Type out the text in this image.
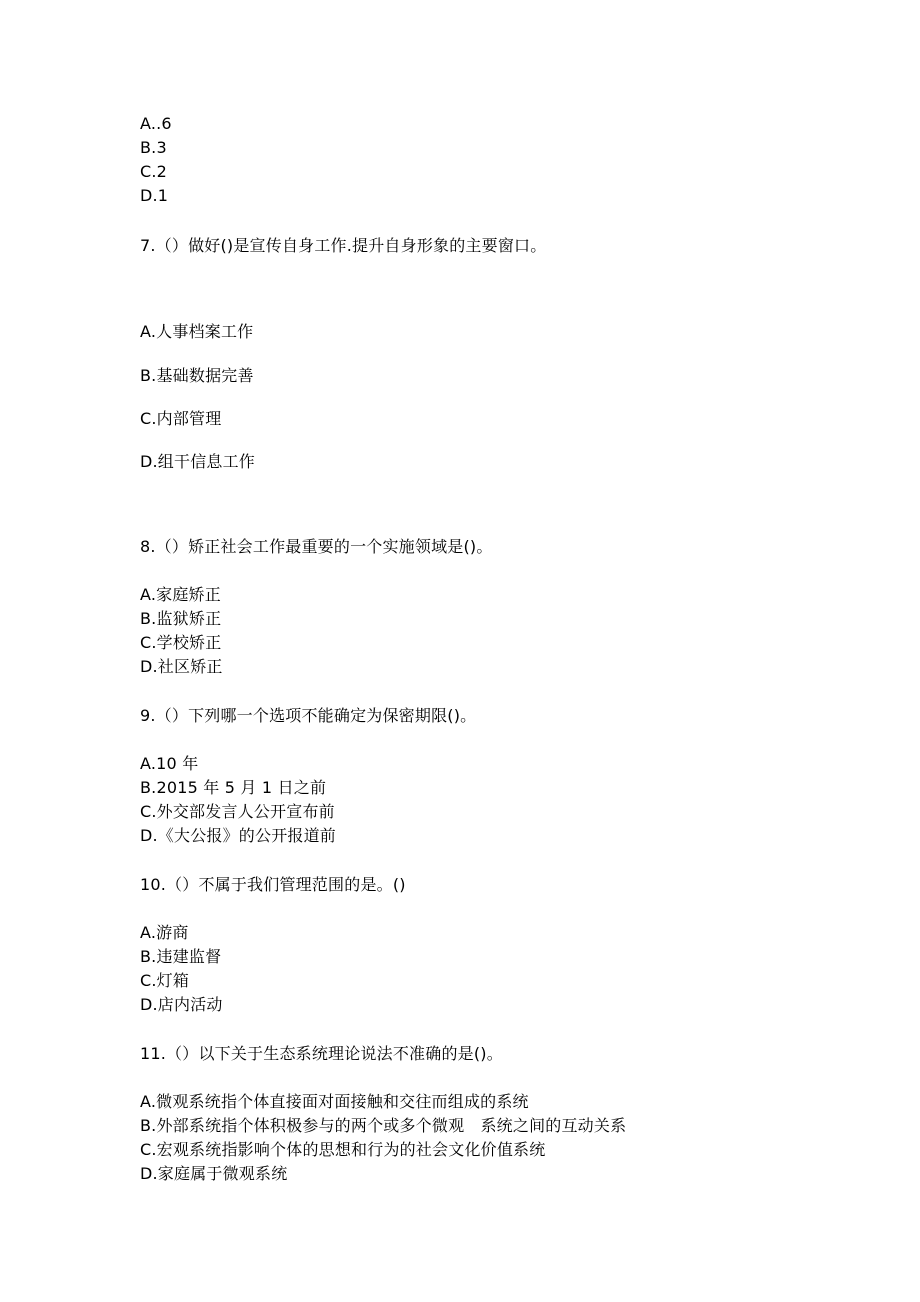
A..6

B.3

C.2

D.1

7.（）做好()是宣传自身工作.提升自身形象的主要窗口。

A.人事档案工作

B.基础数据完善

C.内部管理

D.组干信息工作

8.（）矫正社会工作最重要的一个实施领域是()。

A.家庭矫正

B.监狱矫正

C.学校矫正

D.社区矫正

9.（）下列哪一个选项不能确定为保密期限()。

A.10 年

B.2015 年 5 月 1 日之前

C.外交部发言人公开宣布前

D.《大公报》的公开报道前

10.（）不属于我们管理范围的是。()

A.游商

B.违建监督

C.灯箱

D.店内活动

11.（）以下关于生态系统理论说法不准确的是()。

A.微观系统指个体直接面对面接触和交往而组成的系统

B.外部系统指个体积极参与的两个或多个微观　系统之间的互动关系

C.宏观系统指影响个体的思想和行为的社会文化价值系统

D.家庭属于微观系统
